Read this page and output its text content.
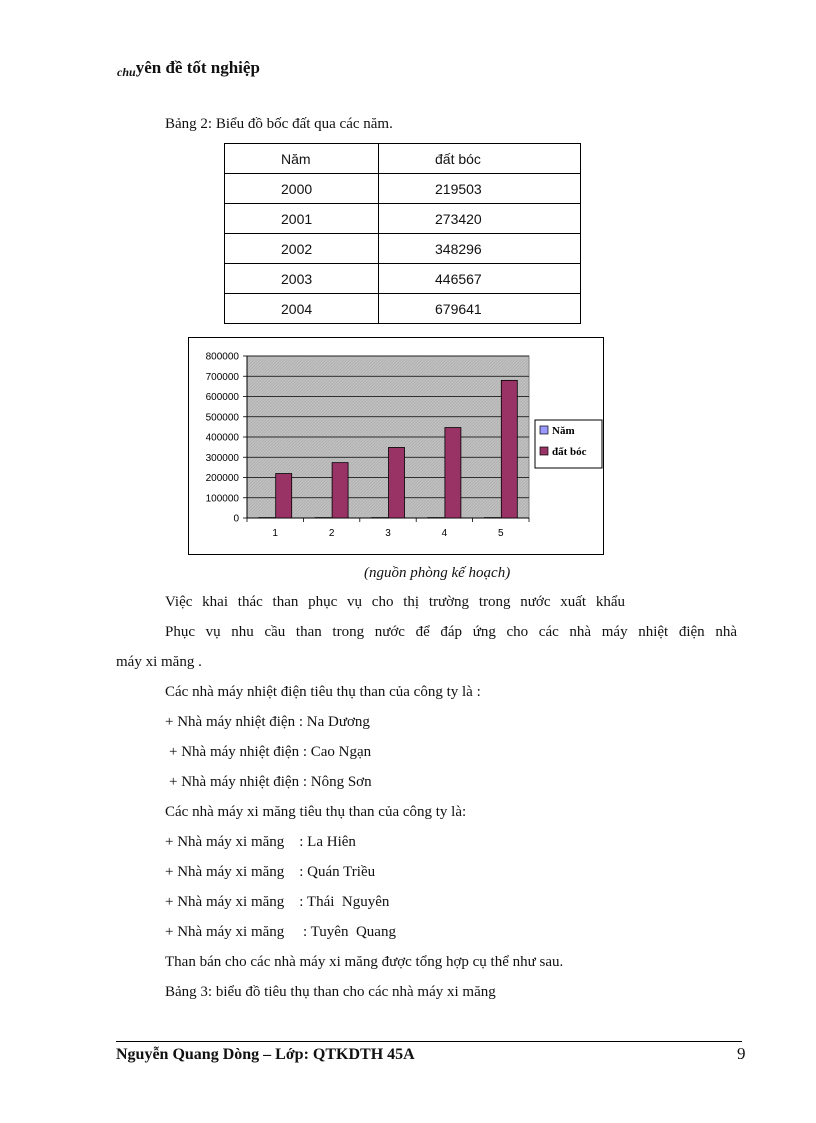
chuyên đề tốt nghiệp
Bảng 2: Biểu đồ bốc đất qua các năm.
Năm	đất bóc
2000	219503
2001	273420
2002	348296
2003	446567
2004	679641
0
100000
200000
300000
400000
500000
600000
700000
800000
1	2	3	4	5
Năm
đất bóc
(nguồn phòng kế hoạch)
Việc khai thác than phục vụ cho thị trường trong nước xuất khẩu
Phục vụ nhu cầu than trong nước để đáp ứng cho các nhà máy nhiệt điện nhà
máy xi măng .
Các nhà máy nhiệt điện tiêu thụ than của công ty là :
+ Nhà máy nhiệt điện : Na Dương
+ Nhà máy nhiệt điện : Cao Ngạn
+ Nhà máy nhiệt điện : Nông Sơn
Các nhà máy xi măng tiêu thụ than của công ty là:
+ Nhà máy xi măng    : La Hiên
+ Nhà máy xi măng    : Quán Triều
+ Nhà máy xi măng    : Thái  Nguyên
+ Nhà máy xi măng     : Tuyên  Quang
Than bán cho các nhà máy xi măng được tổng hợp cụ thể như sau.
Bảng 3: biểu đồ tiêu thụ than cho các nhà máy xi măng
Nguyễn Quang Dòng – Lớp: QTKDTH 45A	9
